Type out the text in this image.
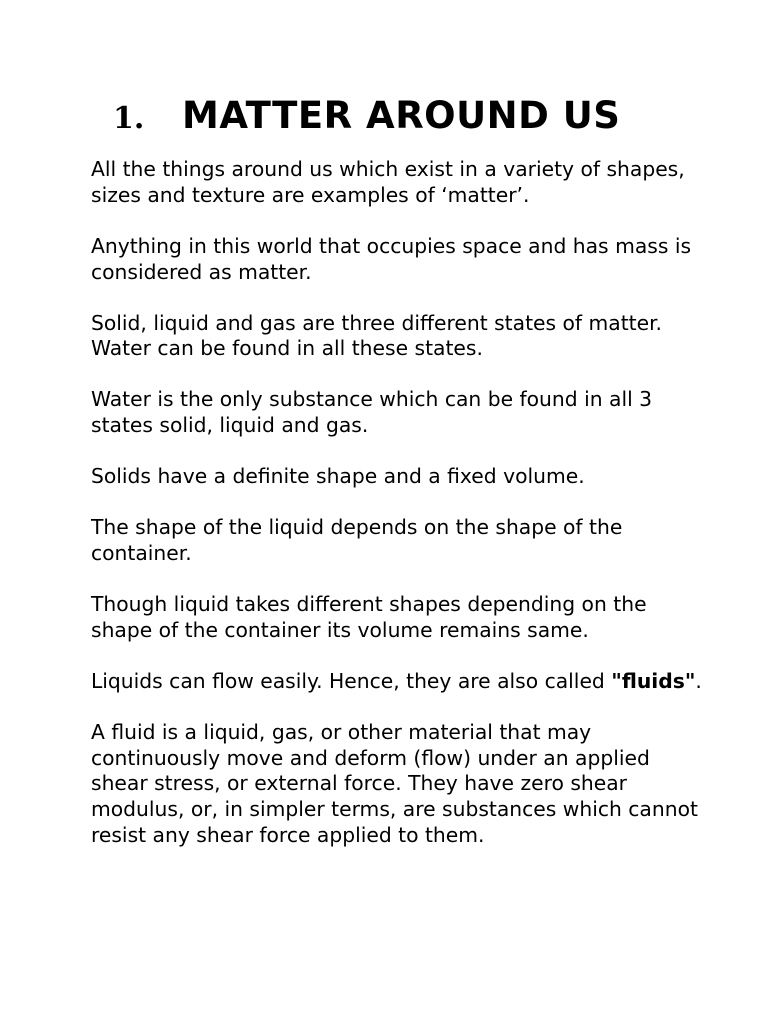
1.	MATTER AROUND US

All the things around us which exist in a variety of shapes, sizes and texture are examples of ‘matter’.

Anything in this world that occupies space and has mass is considered as matter.

Solid, liquid and gas are three different states of matter. Water can be found in all these states.

Water is the only substance which can be found in all 3 states solid, liquid and gas.

Solids have a definite shape and a fixed volume.

The shape of the liquid depends on the shape of the container.

Though liquid takes different shapes depending on the shape of the container its volume remains same.

Liquids can flow easily. Hence, they are also called "fluids".

A fluid is a liquid, gas, or other material that may continuously move and deform (flow) under an applied shear stress, or external force. They have zero shear modulus, or, in simpler terms, are substances which cannot resist any shear force applied to them.
